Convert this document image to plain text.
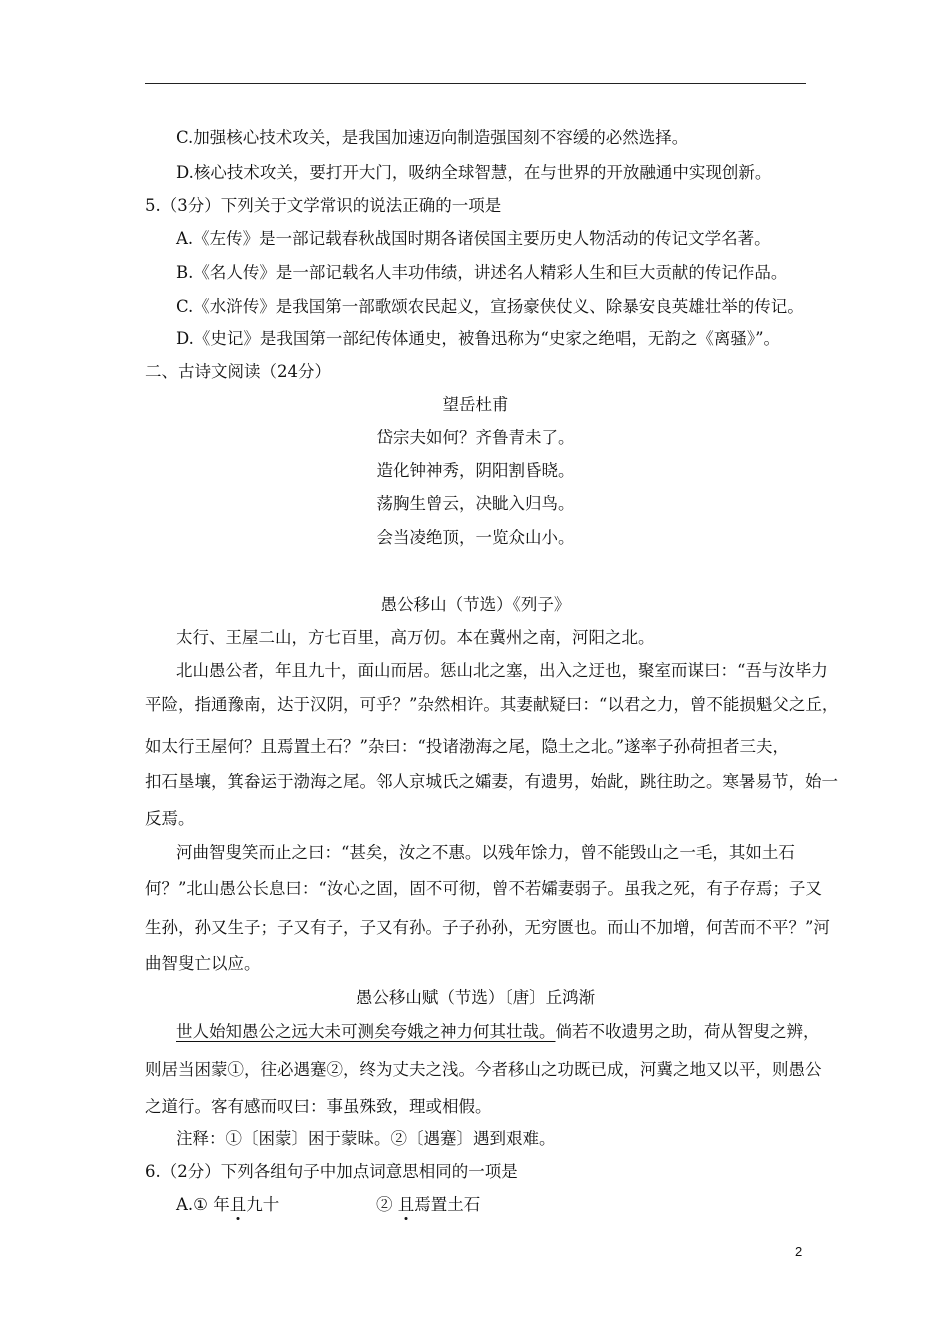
C.加强核心技术攻关，是我国加速迈向制造强国刻不容缓的必然选择。
D.核心技术攻关，要打开大门，吸纳全球智慧，在与世界的开放融通中实现创新。
5.（3分）下列关于文学常识的说法正确的一项是
A.《左传》是一部记载春秋战国时期各诸侯国主要历史人物活动的传记文学名著。
B.《名人传》是一部记载名人丰功伟绩，讲述名人精彩人生和巨大贡献的传记作品。
C.《水浒传》是我国第一部歌颂农民起义，宣扬豪侠仗义、除暴安良英雄壮举的传记。
D.《史记》是我国第一部纪传体通史，被鲁迅称为“史家之绝唱，无韵之《离骚》”。
二、古诗文阅读（24分）
望岳杜甫
岱宗夫如何？齐鲁青未了。
造化钟神秀，阴阳割昏晓。
荡胸生曾云，决眦入归鸟。
会当凌绝顶，一览众山小。
愚公移山（节选）《列子》
太行、王屋二山，方七百里，高万仞。本在冀州之南，河阳之北。
北山愚公者，年且九十，面山而居。惩山北之塞，出入之迂也，聚室而谋曰：“吾与汝毕力
平险，指通豫南，达于汉阴，可乎？”杂然相许。其妻献疑曰：“以君之力，曾不能损魁父之丘，
如太行王屋何？且焉置土石？”杂曰：“投诸渤海之尾，隐土之北。”遂率子孙荷担者三夫，
扣石垦壤，箕畚运于渤海之尾。邻人京城氏之孀妻，有遗男，始龀，跳往助之。寒暑易节，始一
反焉。
河曲智叟笑而止之曰：“甚矣，汝之不惠。以残年馀力，曾不能毁山之一毛，其如土石
何？”北山愚公长息曰：“汝心之固，固不可彻，曾不若孀妻弱子。虽我之死，有子存焉；子又
生孙，孙又生子；子又有子，子又有孙。子子孙孙，无穷匮也。而山不加增，何苦而不平？”河
曲智叟亡以应。
愚公移山赋（节选）〔唐〕丘鸿渐
世人始知愚公之远大未可测矣夸娥之神力何其壮哉。倘若不收遗男之助，荷从智叟之辨，
则居当困蒙①，往必遇蹇②，终为丈夫之浅。今者移山之功既已成，河冀之地又以平，则愚公
之道行。客有感而叹曰：事虽殊致，理或相假。
注释：①〔困蒙〕困于蒙昧。②〔遇蹇〕遇到艰难。
6.（2分）下列各组句子中加点词意思相同的一项是
A.① 年且九十	② 且焉置土石
2
